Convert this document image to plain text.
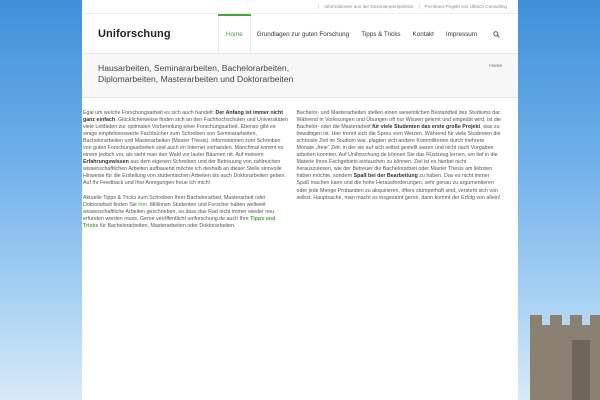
Informationen aus der Dozentenperspektive	Pro-Bono-Projekt von Ulbrich Consulting
Uniforschung	Home	Grundlagen zur guten Forschung	Tipps & Tricks	Kontakt	Impressum
Hausarbeiten, Seminararbeiten, Bachelorarbeiten, Diplomarbeiten, Masterarbeiten und Doktorarbeiten
Home

Egal um welche Forschungsarbeit es sich auch handelt: Der Anfang ist immer nicht ganz einfach. Glücklicherweise finden sich an den Fachhochschulen und Universitäten viele Leitfäden zur optimalen Vorbereitung einer Forschungsarbeit. Ebenso gibt es einige empfehlenswerte Fachbücher zum Schreiben von Seminararbeiten, Bachelorarbeiten und Masterarbeiten (Master Thesis). Informationen zum Schreiben von guten Forschungsarbeiten sind auch im Internet vorhanden. Manchmal kommt es einem jedoch vor, als sieht man den Wald vor lauter Bäumen nit. Auf meinem Erfahrungswissen aus dem eigenen Schreiben und der Betreuung von zahlreichen wissenschaftlichen Arbeiten aufbauend möchte ich deshalb an dieser Stelle sinnvolle Hinweise für die Erstellung von studentischen Arbeiten als auch Doktorarbeiten geben. Auf Ihr Feedback und Ihre Anregungen freue ich mich!

Aktuelle Tipps & Tricks zum Schreiben Ihrer Bachelorarbeit, Masterarbeit oder Doktorarbeit finden Sie hier. Millionen Studenten und Forscher haben weltweit wissenschaftliche Arbeiten geschrieben, so dass das Rad nicht immer wieder neu erfunden werden muss. Gerne veröffentlicht uniforschung.de auch Ihre Tipps und Tricks für Bachelorarbeiten, Masterarbeiten oder Doktorarbeiten.

Bachelor- und Masterarbeiten stellen einen wesentlichen Bestandteil des Studiums dar. Während in Vorlesungen und Übungen oft nur Wissen gelernt und eingeübt wird, ist die Bachelor- oder die Masterarbeit für viele Studenten das erste große Projekt, was zu bewältigen ist. Hier trennt sich die Spreu vom Weizen. Während für viele Studenten die schönste Zeit im Studium war, plagten sich andere Kommilitonen durch mehrere Monate „freie“ Zeit, in der sie auf sich selbst gestellt waren und nicht nach Vorgaben arbeiten konnten. Auf Uniforschung.de können Sie das Rüstzeug lernen, um tief in die Materie Ihres Fachgebiets eintauchen zu können. Ziel ist es hierbei nicht herauszulesen, wie der Betreuer die Bachelorarbeit oder Master Thesis am liebsten haben möchte, sondern Spaß bei der Bearbeitung zu haben. Das es nicht immer Spaß machen kann und die hohe Herausforderungen, sehr genau zu argumentieren oder jede Menge Probanden zu akquirieren, öfters stümperhaft sind, versteht sich von selbst. Hauptsache, man macht es insgesamt gerne, dann kommt der Erfolg von allein!
